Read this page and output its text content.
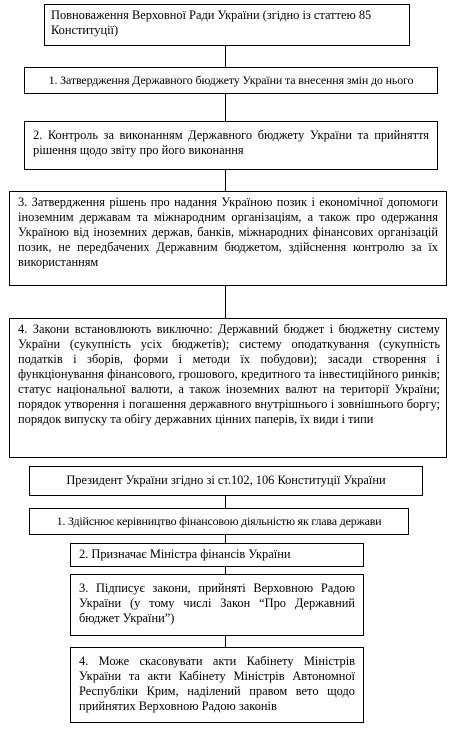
Повноваження Верховної Ради України (згідно із статтею 85 Конституції)
1. Затвердження Державного бюджету України та внесення змін до нього
2. Контроль за виконанням Державного бюджету України та прийняття рішення щодо звіту про його виконання
3. Затвердження рішень про надання Україною позик і економічної допомоги іноземним державам та міжнародним організаціям, а також про одержання Україною від іноземних держав, банків, міжнародних фінансових організацій позик, не передбачених Державним бюджетом, здійснення контролю за їх використанням
4. Закони встановлюють виключно: Державний бюджет і бюджетну систему України (сукупність усіх бюджетів); систему оподаткування (сукупність податків і зборів, форми і методи їх побудови); засади створення і функціонування фінансового, грошового, кредитного та інвестиційного ринків; статус національної валюти, а також іноземних валют на території України; порядок утворення і погашення державного внутрішнього і зовнішнього боргу; порядок випуску та обігу державних цінних паперів, їх види і типи
Президент України згідно зі ст.102, 106 Конституції України
1. Здійснює керівництво фінансовою діяльністю як глава держави
2. Призначає Міністра фінансів України
3. Підписує закони, прийняті Верховною Радою України (у тому числі Закон “Про Державний бюджет України”)
4. Може скасовувати акти Кабінету Міністрів України та акти Кабінету Міністрів Автономної Республіки Крим, наділений правом вето щодо прийнятих Верховною Радою законів
